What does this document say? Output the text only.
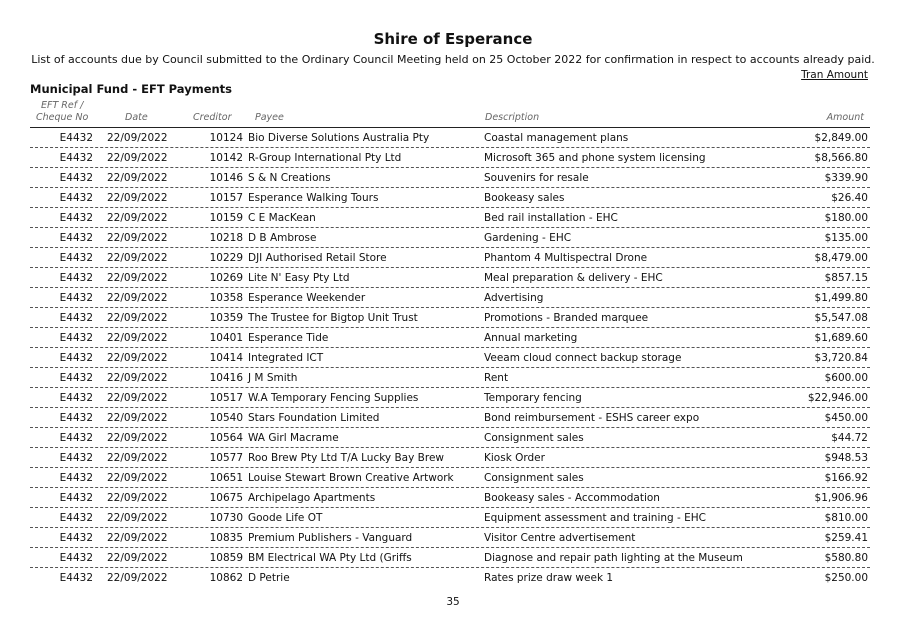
Shire of Esperance

List of accounts due by Council submitted to the Ordinary Council Meeting held on 25 October 2022 for confirmation in respect to accounts already paid.

Tran Amount
Municipal Fund - EFT Payments
EFT Ref /
Cheque No	Date	Creditor Payee	Description	Amount
E4432 22/09/2022	10124 Bio Diverse Solutions Australia Pty	Coastal management plans	$2,849.00
E4432 22/09/2022	10142 R-Group International Pty Ltd	Microsoft 365 and phone system licensing	$8,566.80
E4432 22/09/2022	10146 S & N Creations	Souvenirs for resale	$339.90
E4432 22/09/2022	10157 Esperance Walking Tours	Bookeasy sales	$26.40
E4432 22/09/2022	10159 C E MacKean	Bed rail installation - EHC	$180.00
E4432 22/09/2022	10218 D B Ambrose	Gardening - EHC	$135.00
E4432 22/09/2022	10229 DJI Authorised Retail Store	Phantom 4 Multispectral Drone	$8,479.00
E4432 22/09/2022	10269 Lite N' Easy Pty Ltd	Meal preparation & delivery - EHC	$857.15
E4432 22/09/2022	10358 Esperance Weekender	Advertising	$1,499.80
E4432 22/09/2022	10359 The Trustee for Bigtop Unit Trust	Promotions - Branded marquee	$5,547.08
E4432 22/09/2022	10401 Esperance Tide	Annual marketing	$1,689.60
E4432 22/09/2022	10414 Integrated ICT	Veeam cloud connect backup storage	$3,720.84
E4432 22/09/2022	10416 J M Smith	Rent	$600.00
E4432 22/09/2022	10517 W.A Temporary Fencing Supplies	Temporary fencing	$22,946.00
E4432 22/09/2022	10540 Stars Foundation Limited	Bond reimbursement - ESHS career expo	$450.00
E4432 22/09/2022	10564 WA Girl Macrame	Consignment sales	$44.72
E4432 22/09/2022	10577 Roo Brew Pty Ltd T/A Lucky Bay Brew	Kiosk Order	$948.53
E4432 22/09/2022	10651 Louise Stewart Brown Creative Artwork	Consignment sales	$166.92
E4432 22/09/2022	10675 Archipelago Apartments	Bookeasy sales - Accommodation	$1,906.96
E4432 22/09/2022	10730 Goode Life OT	Equipment assessment and training - EHC	$810.00
E4432 22/09/2022	10835 Premium Publishers - Vanguard	Visitor Centre advertisement	$259.41
E4432 22/09/2022	10859 BM Electrical WA Pty Ltd (Griffs	Diagnose and repair path lighting at the Museum	$580.80
E4432 22/09/2022	10862 D Petrie	Rates prize draw week 1	$250.00
35
